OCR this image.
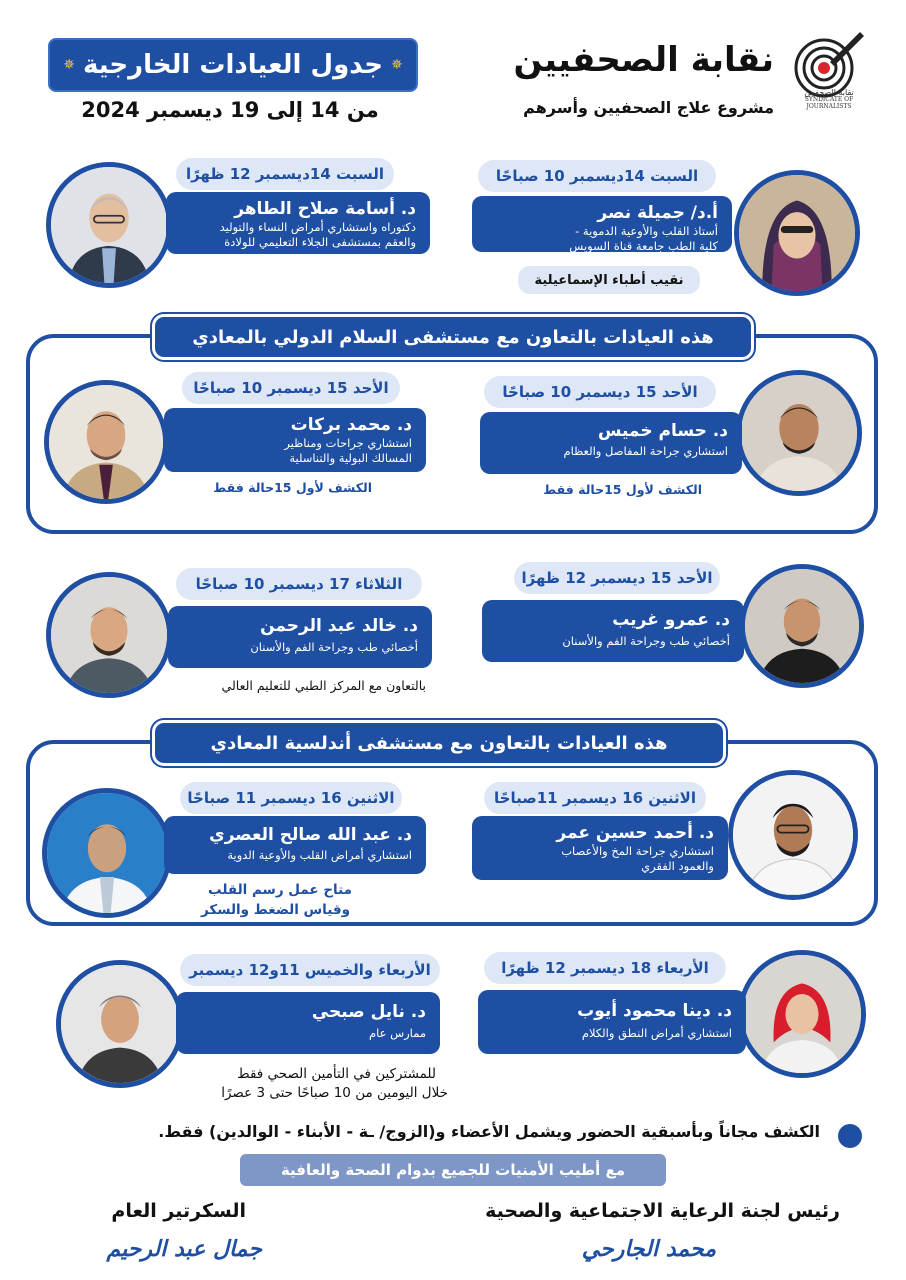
نقابة الصحفيين
SYNDICATE OF JOURNALISTS
نقابة الصحفيين
مشروع علاج الصحفيين وأسرهم
✵
جدول العيادات الخارجية
✵
من 14 إلى 19 ديسمبر 2024
السبت 14ديسمبر 10 صباحًا
أ.د/ جميلة نصر
أستاذ القلب والأوعية الدموية -
كلية الطب جامعة قناة السويس
نقيب أطباء الإسماعيلية
السبت 14ديسمبر 12 ظهرًا
د. أسامة صلاح الطاهر
دكتوراه واستشاري أمراض النساء والتوليد
والعقم بمستشفى الجلاء التعليمي للولادة
هذه العيادات بالتعاون مع مستشفى السلام الدولي بالمعادي
الأحد 15 ديسمبر 10 صباحًا
د. حسام خميس
استشاري جراحة المفاصل والعظام
الكشف لأول 15حالة فقط
الأحد 15 ديسمبر 10 صباحًا
د. محمد بركات
استشاري جراحات ومناظير
المسالك البولية والتناسلية
الكشف لأول 15حالة فقط
الأحد 15 ديسمبر 12 ظهرًا
د. عمرو غريب
أخصائي طب وجراحة الفم والأسنان
الثلاثاء 17 ديسمبر 10 صباحًا
د. خالد عبد الرحمن
أخصائي طب وجراحة الفم والأسنان
بالتعاون مع المركز الطبي للتعليم العالي
هذه العيادات بالتعاون مع مستشفى أندلسية المعادي
الاثنين 16 ديسمبر 11صباحًا
د. أحمد حسين عمر
استشاري جراحة المخ والأعصاب
والعمود الفقري
الاثنين 16 ديسمبر 11 صباحًا
د. عبد الله صالح العصري
استشاري أمراض القلب والأوعية الدوية
متاح عمل رسم القلب
وقياس الضغط والسكر
الأربعاء 18 ديسمبر 12 ظهرًا
د. دينا محمود أيوب
استشاري أمراض النطق والكلام
الأربعاء والخميس 11و12 ديسمبر
د. نايل صبحي
ممارس عام
للمشتركين في التأمين الصحي فقط
خلال اليومين من 10 صباحًا حتى 3 عصرًا
الكشف مجاناً وبأسبقية الحضور ويشمل الأعضاء و(الزوج/ ـة - الأبناء - الوالدين) فقط.
مع أطيب الأمنيات للجميع بدوام الصحة والعافية
رئيس لجنة الرعاية الاجتماعية والصحية
محمد الجارحي
السكرتير العام
جمال عبد الرحيم
